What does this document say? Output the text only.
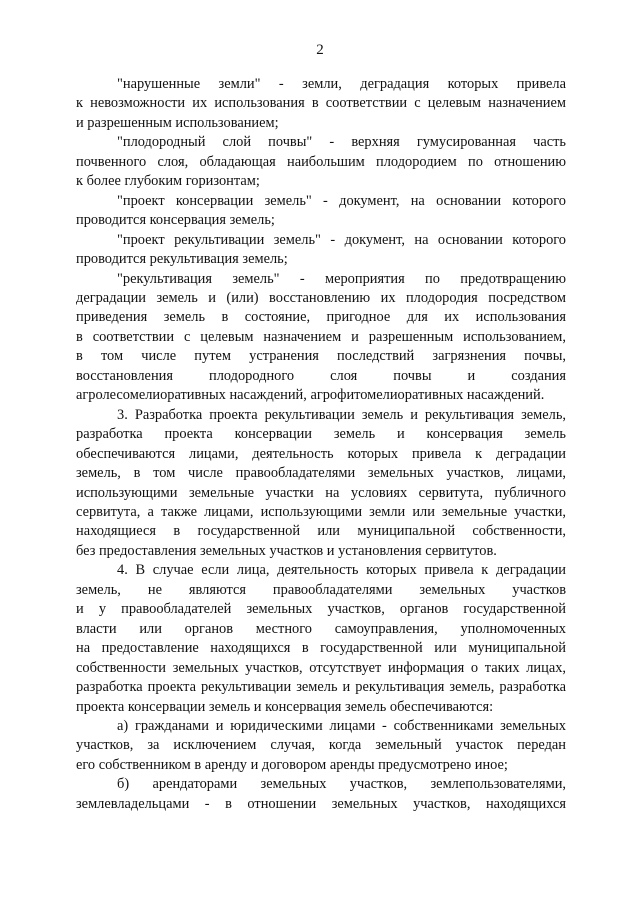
2
"нарушенные земли" - земли, деградация которых привела
к невозможности их использования в соответствии с целевым назначением
и разрешенным использованием;
"плодородный слой почвы" - верхняя гумусированная часть
почвенного слоя, обладающая наибольшим плодородием по отношению
к более глубоким горизонтам;
"проект консервации земель" - документ, на основании которого
проводится консервация земель;
"проект рекультивации земель" - документ, на основании которого
проводится рекультивация земель;
"рекультивация земель" - мероприятия по предотвращению
деградации земель и (или) восстановлению их плодородия посредством
приведения земель в состояние, пригодное для их использования
в соответствии с целевым назначением и разрешенным использованием,
в том числе путем устранения последствий загрязнения почвы,
восстановления плодородного слоя почвы и создания
агролесомелиоративных насаждений, агрофитомелиоративных насаждений.
3. Разработка проекта рекультивации земель и рекультивация земель,
разработка проекта консервации земель и консервация земель
обеспечиваются лицами, деятельность которых привела к деградации
земель, в том числе правообладателями земельных участков, лицами,
использующими земельные участки на условиях сервитута, публичного
сервитута, а также лицами, использующими земли или земельные участки,
находящиеся в государственной или муниципальной собственности,
без предоставления земельных участков и установления сервитутов.
4. В случае если лица, деятельность которых привела к деградации
земель, не являются правообладателями земельных участков
и у правообладателей земельных участков, органов государственной
власти или органов местного самоуправления, уполномоченных
на предоставление находящихся в государственной или муниципальной
собственности земельных участков, отсутствует информация о таких лицах,
разработка проекта рекультивации земель и рекультивация земель, разработка
проекта консервации земель и консервация земель обеспечиваются:
а) гражданами и юридическими лицами - собственниками земельных
участков, за исключением случая, когда земельный участок передан
его собственником в аренду и договором аренды предусмотрено иное;
б) арендаторами земельных участков, землепользователями,
землевладельцами - в отношении земельных участков, находящихся
